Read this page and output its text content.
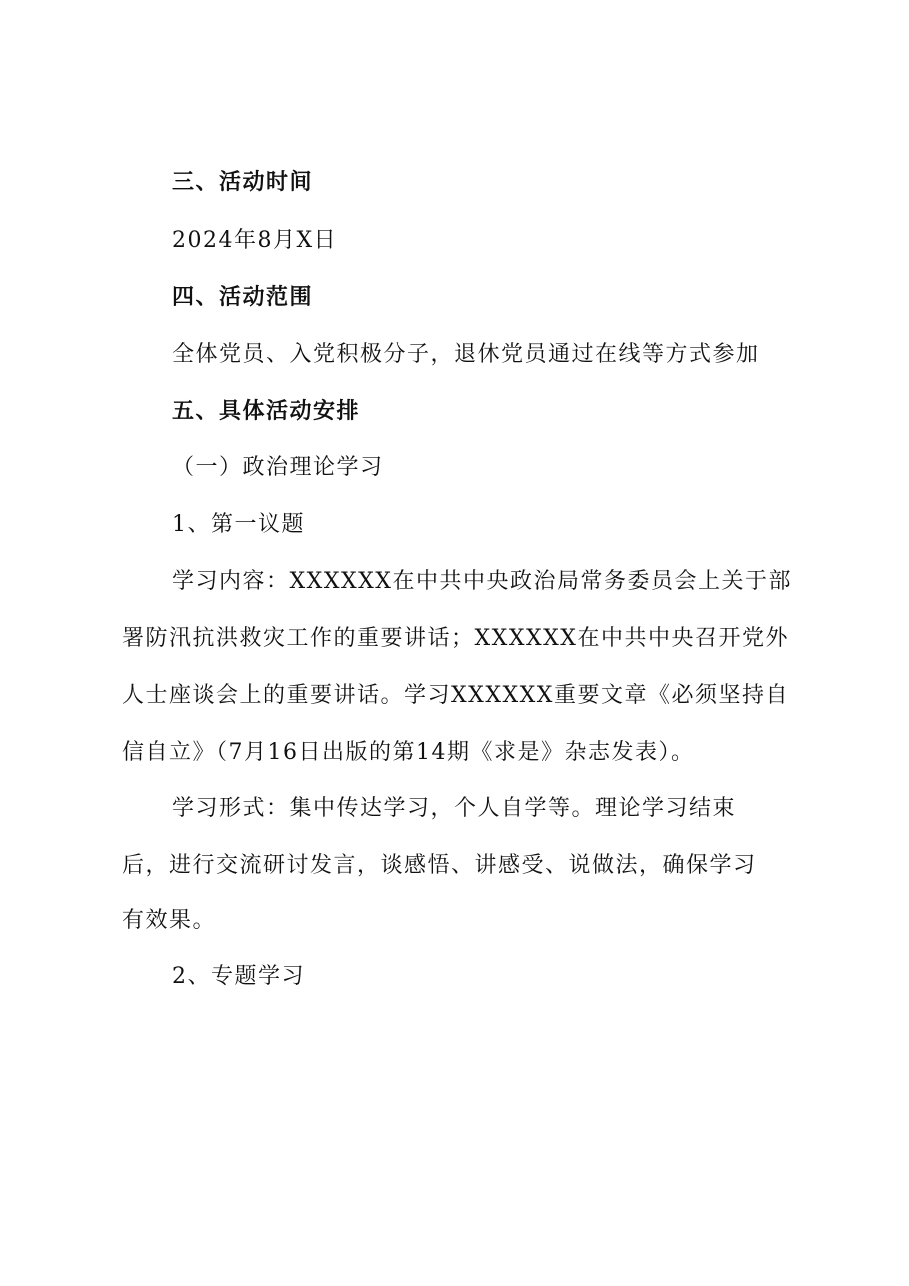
三、活动时间
2024年8月X日
四、活动范围
全体党员、入党积极分子，退休党员通过在线等方式参加
五、具体活动安排
（一）政治理论学习
1、第一议题
学习内容：XXXXXX在中共中央政治局常务委员会上关于部
署防汛抗洪救灾工作的重要讲话；XXXXXX在中共中央召开党外
人士座谈会上的重要讲话。学习XXXXXX重要文章《必须坚持自
信自立》（7月16日出版的第14期《求是》杂志发表）。
学习形式：集中传达学习，个人自学等。理论学习结束
后，进行交流研讨发言，谈感悟、讲感受、说做法，确保学习
有效果。
2、专题学习
